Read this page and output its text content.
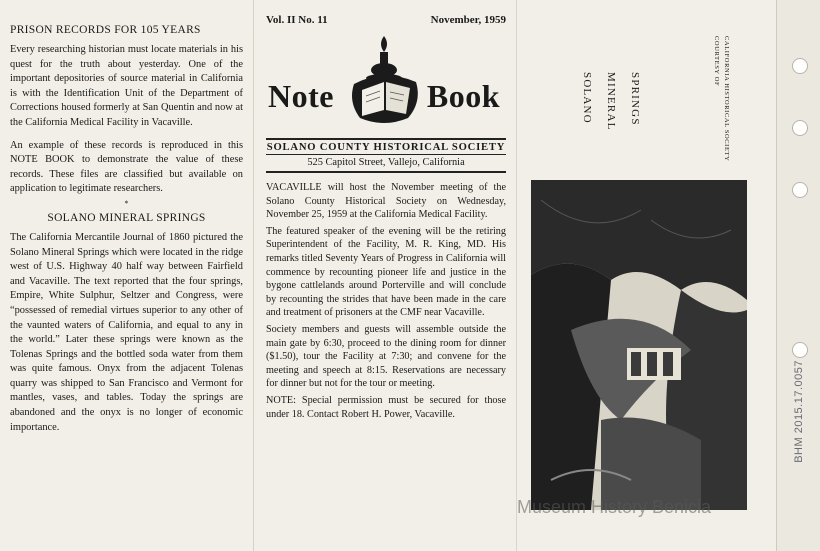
PRISON RECORDS FOR 105 YEARS

Every researching historian must locate materials in his quest for the truth about yesterday. One of the important depositories of source material in California is with the Identification Unit of the Department of Corrections housed formerly at San Quentin and now at the California Medical Facility in Vacaville.

An example of these records is reproduced in this NOTE BOOK to demonstrate the value of these records. These files are classified but available on application to legitimate researchers.

*
SOLANO MINERAL SPRINGS

The California Mercantile Journal of 1860 pictured the Solano Mineral Springs which were located in the ridge west of U.S. Highway 40 half way between Fairfield and Vacaville. The text reported that the four springs, Empire, White Sulphur, Seltzer and Congress, were “possessed of remedial virtues superior to any other of the vaunted waters of California, and equal to any in the world.” Later these springs were known as the Tolenas Springs and the bottled soda water from them was quite famous. Onyx from the adjacent Tolenas quarry was shipped to San Francisco and Vermont for mantles, vases, and tables. Today the springs are abandoned and the onyx is no longer of economic importance.

Vol. II No. 11	November, 1959
Note	Book
SOLANO COUNTY HISTORICAL SOCIETY
525 Capitol Street, Vallejo, California

VACAVILLE will host the November meeting of the Solano County Historical Society on Wednesday, November 25, 1959 at the California Medical Facility.

The featured speaker of the evening will be the retiring Superintendent of the Facility, M. R. King, MD. His remarks titled Seventy Years of Progress in California will commence by recounting pioneer life and justice in the bygone cattlelands around Porterville and will conclude by recounting the strides that have been made in the care and treatment of prisoners at the CMF near Vacaville.

Society members and guests will assemble outside the main gate by 6:30, proceed to the dining room for dinner ($1.50), tour the Facility at 7:30; and convene for the meeting and speech at 8:15. Reservations are necessary for dinner but not for the tour or meeting.

NOTE: Special permission must be secured for those under 18. Contact Robert H. Power, Vacaville.

SOLANO MINERAL SPRINGS
COURTESY OF CALIFORNIA HISTORICAL SOCIETY
Museum History Benicia
BHM 2015.17.0057
